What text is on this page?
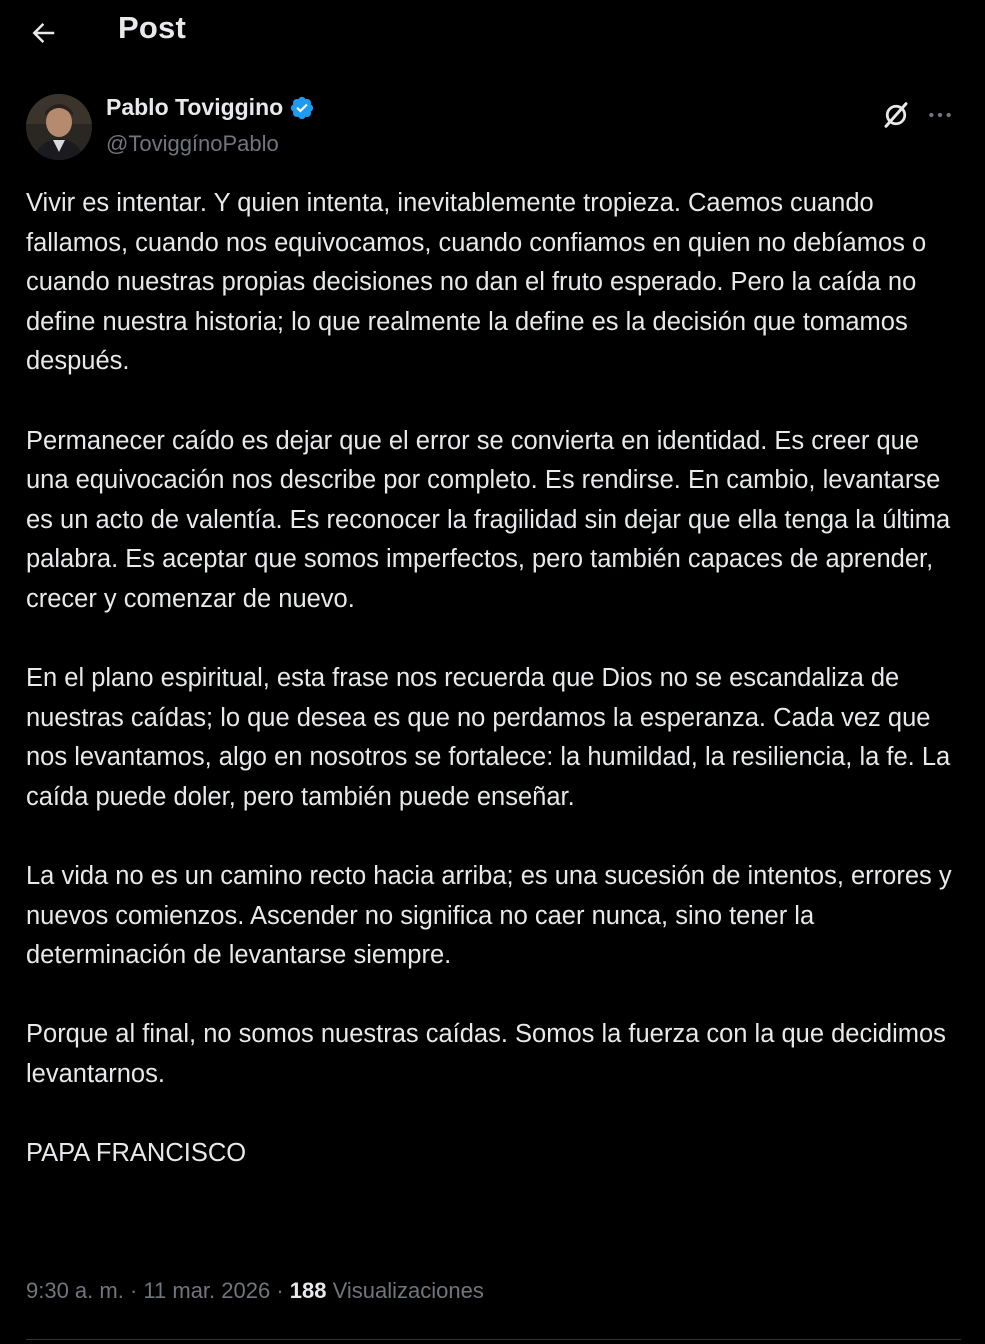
Post
Pablo Toviggino
@ToviggínoPablo

Vivir es intentar. Y quien intenta, inevitablemente tropieza. Caemos cuando fallamos, cuando nos equivocamos, cuando confiamos en quien no debíamos o cuando nuestras propias decisiones no dan el fruto esperado. Pero la caída no define nuestra historia; lo que realmente la define es la decisión que tomamos después.

Permanecer caído es dejar que el error se convierta en identidad. Es creer que una equivocación nos describe por completo. Es rendirse. En cambio, levantarse es un acto de valentía. Es reconocer la fragilidad sin dejar que ella tenga la última palabra. Es aceptar que somos imperfectos, pero también capaces de aprender, crecer y comenzar de nuevo.

En el plano espiritual, esta frase nos recuerda que Dios no se escandaliza de nuestras caídas; lo que desea es que no perdamos la esperanza. Cada vez que nos levantamos, algo en nosotros se fortalece: la humildad, la resiliencia, la fe. La caída puede doler, pero también puede enseñar.

La vida no es un camino recto hacia arriba; es una sucesión de intentos, errores y nuevos comienzos. Ascender no significa no caer nunca, sino tener la determinación de levantarse siempre.

Porque al final, no somos nuestras caídas. Somos la fuerza con la que decidimos levantarnos.

PAPA FRANCISCO

9:30 a. m. · 11 mar. 2026 · 188 Visualizaciones
